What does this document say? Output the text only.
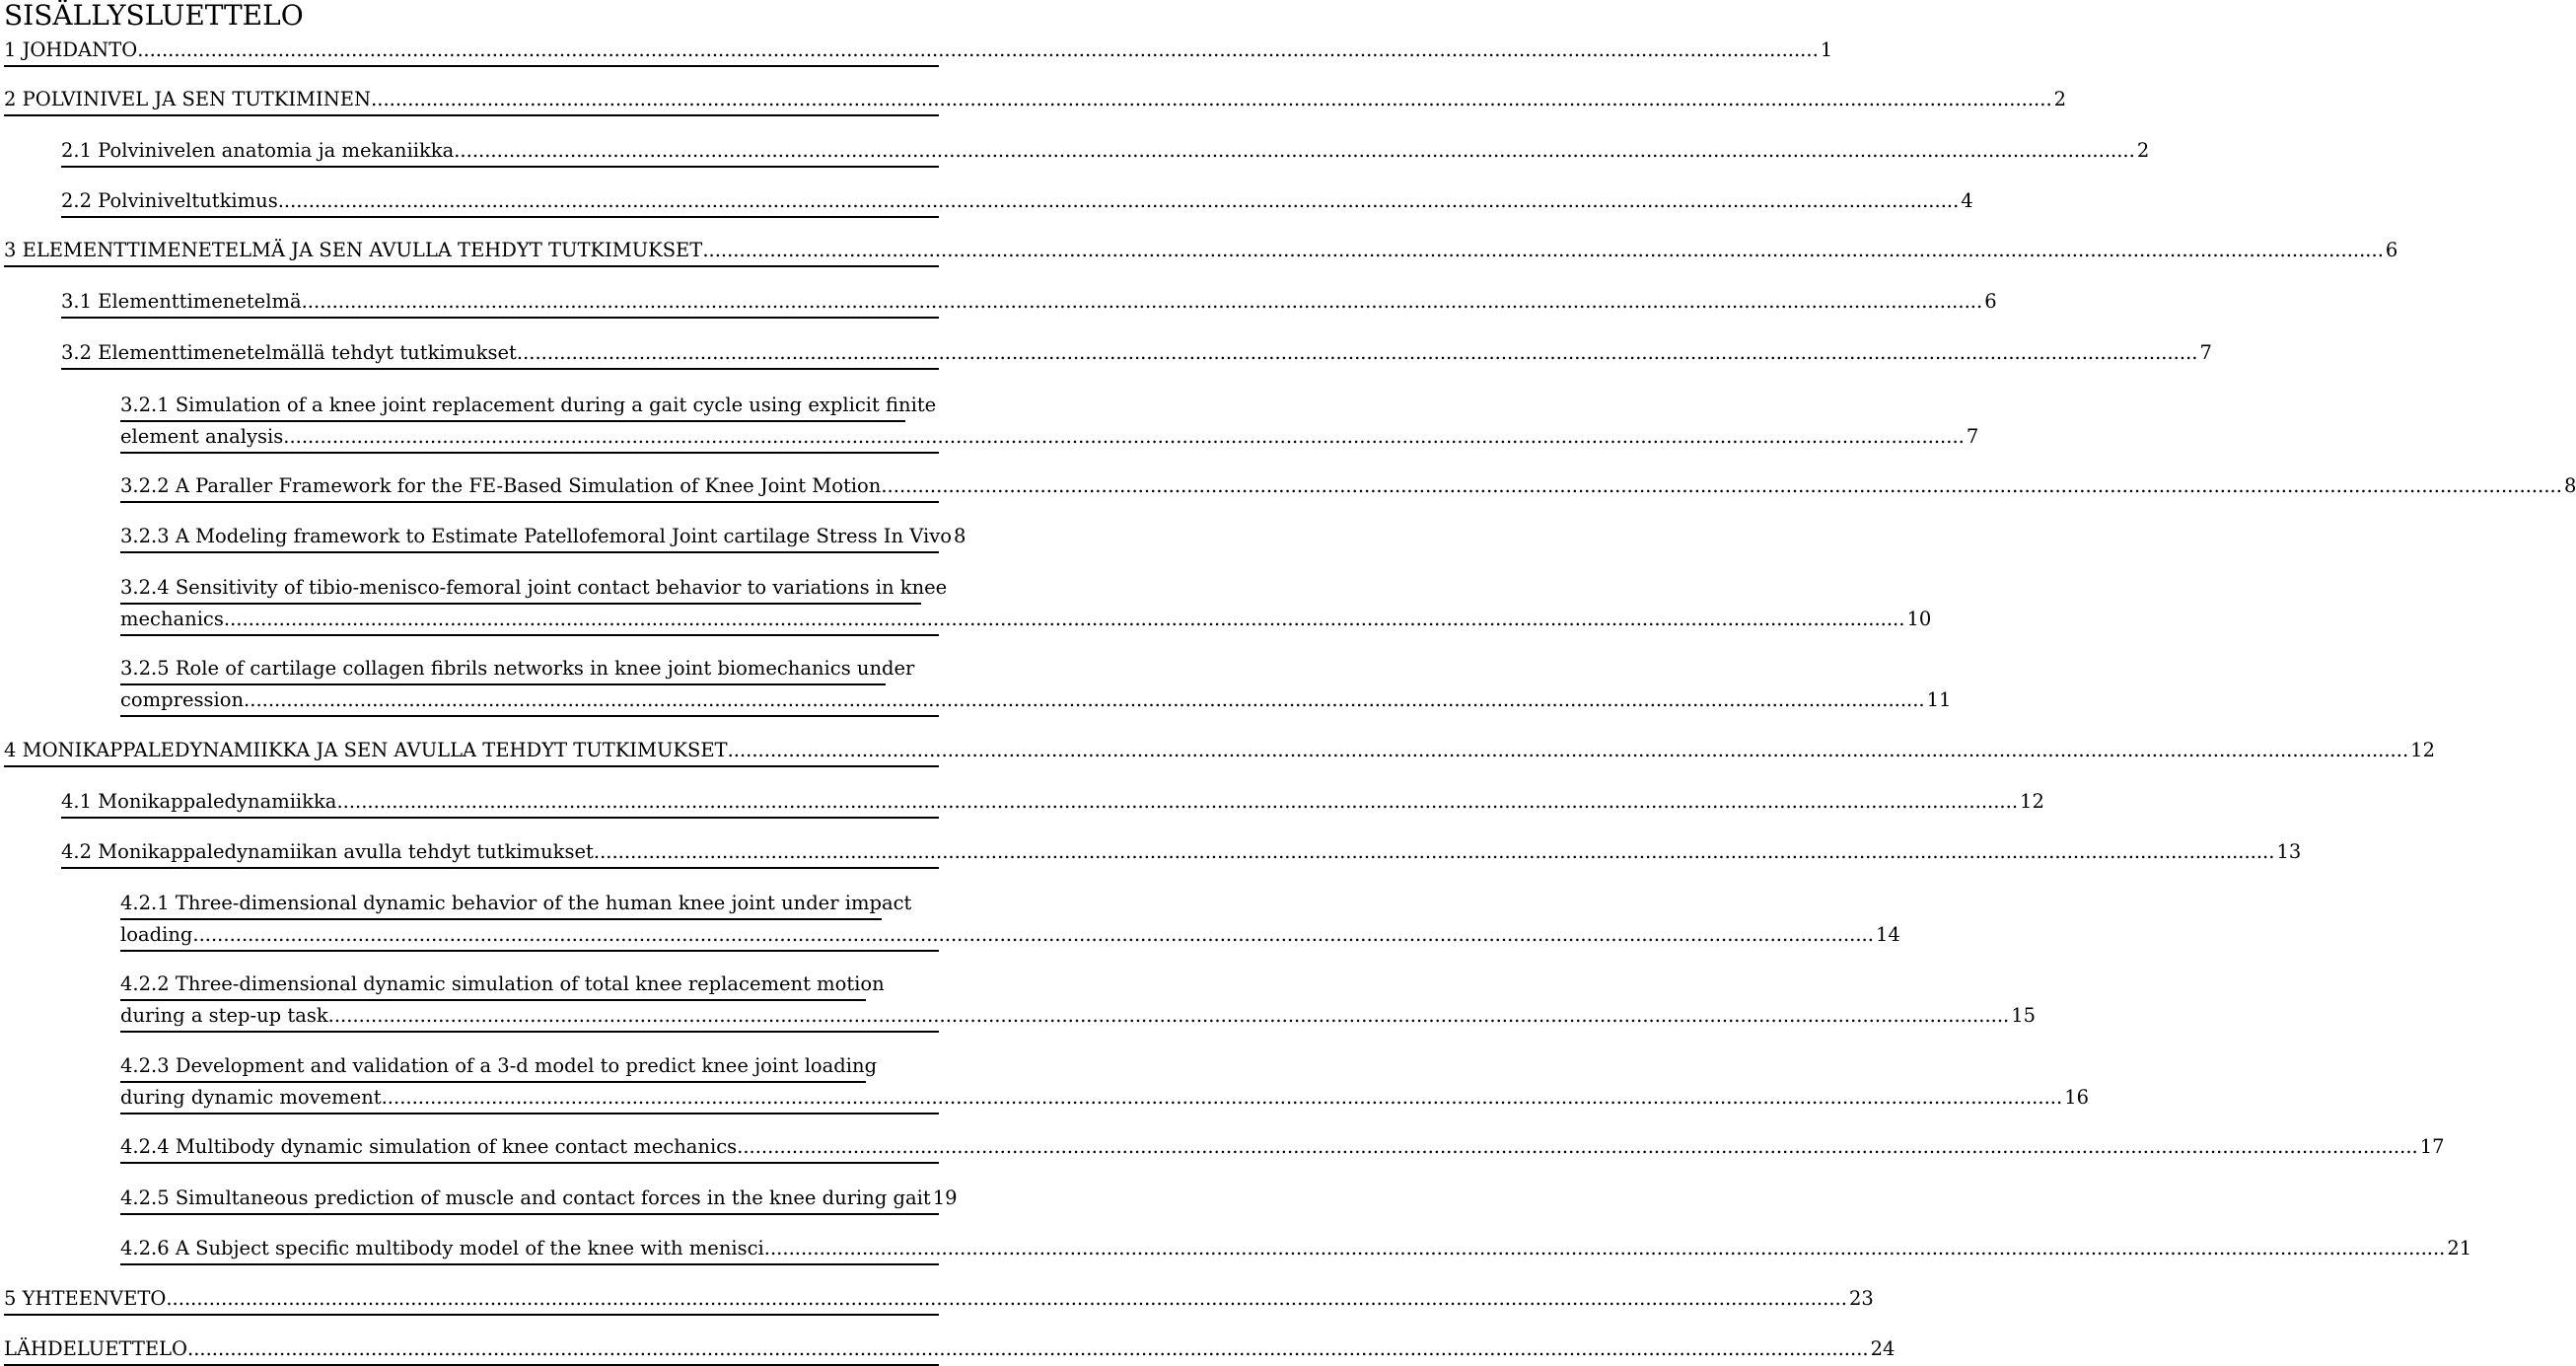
SISÄLLYSLUETTELO
1 JOHDANTO .....	1
2 POLVINIVEL JA SEN TUTKIMINEN .....	2
2.1 Polvinivelen anatomia ja mekaniikka .....	2
2.2 Polviniveltutkimus .....	4
3 ELEMENTTIMENETELMÄ JA SEN AVULLA TEHDYT TUTKIMUKSET .....	6
3.1 Elementtimenetelmä .....	6
3.2 Elementtimenetelmällä tehdyt tutkimukset .....	7
3.2.1 Simulation of a knee joint replacement during a gait cycle using explicit finite
element analysis .....	7
3.2.2 A Paraller Framework for the FE-Based Simulation of Knee Joint Motion .....	8
3.2.3 A Modeling framework to Estimate Patellofemoral Joint cartilage Stress In Vivo 8
3.2.4 Sensitivity of tibio-menisco-femoral joint contact behavior to variations in knee
mechanics .....	10
3.2.5 Role of cartilage collagen fibrils networks in knee joint biomechanics under
compression .....	11
4 MONIKAPPALEDYNAMIIKKA JA SEN AVULLA TEHDYT TUTKIMUKSET .....	12
4.1 Monikappaledynamiikka .....	12
4.2 Monikappaledynamiikan avulla tehdyt tutkimukset .....	13
4.2.1 Three-dimensional dynamic behavior of the human knee joint under impact
loading .....	14
4.2.2 Three-dimensional dynamic simulation of total knee replacement motion
during a step-up task .....	15
4.2.3 Development and validation of a 3-d model to predict knee joint loading
during dynamic movement .....	16
4.2.4 Multibody dynamic simulation of knee contact mechanics .....	17
4.2.5 Simultaneous prediction of muscle and contact forces in the knee during gait 19
4.2.6 A Subject specific multibody model of the knee with menisci .....	21
5 YHTEENVETO .....	23
LÄHDELUETTELO .....	24
